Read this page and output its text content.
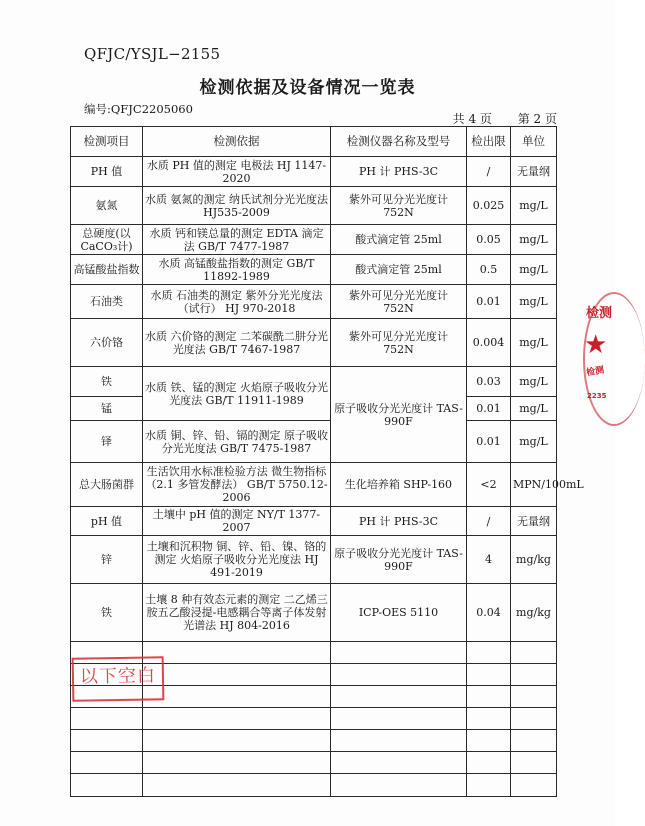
QFJC/YSJL−2155
检测依据及设备情况一览表
编号:QFJC2205060
共 4 页 第 2 页
检测项目	检测依据	检测仪器名称及型号	检出限	单位
PH 值	水质 PH 值的测定 电极法 HJ 1147-2020	PH 计 PHS-3C	/	无量纲
氨氮	水质 氨氮的测定 纳氏试剂分光光度法 HJ535-2009	紫外可见分光光度计 752N	0.025	mg/L
总硬度(以CaCO₃计)	水质 钙和镁总量的测定 EDTA 滴定法 GB/T 7477-1987	酸式滴定管 25ml	0.05	mg/L
高锰酸盐指数	水质 高锰酸盐指数的测定 GB/T 11892-1989	酸式滴定管 25ml	0.5	mg/L
石油类	水质 石油类的测定 紫外分光光度法（试行） HJ 970-2018	紫外可见分光光度计 752N	0.01	mg/L
六价铬	水质 六价铬的测定 二苯碳酰二肼分光光度法 GB/T 7467-1987	紫外可见分光光度计 752N	0.004	mg/L
铁	水质 铁、锰的测定 火焰原子吸收分光光度法 GB/T 11911-1989	原子吸收分光光度计 TAS-990F	0.03	mg/L
锰			0.01	mg/L
铎	水质 铜、锌、铅、镉的测定 原子吸收分光光度法 GB/T 7475-1987		0.01	mg/L
总大肠菌群	生活饮用水标准检验方法 微生物指标（2.1 多管发酵法） GB/T 5750.12-2006	生化培养箱 SHP-160	<2	MPN/100mL
pH 值	土壤中 pH 值的测定 NY/T 1377-2007	PH 计 PHS-3C	/	无量纲
锌	土壤和沉积物 铜、锌、铅、镍、铬的测定 火焰原子吸收分光光度法 HJ 491-2019	原子吸收分光光度计 TAS-990F	4	mg/kg
铁	土壤 8 种有效态元素的测定 二乙烯三胺五乙酸浸提-电感耦合等离子体发射光谱法 HJ 804-2016	ICP-OES 5110	0.04	mg/kg

以下空白
检测
★
检测
2235
